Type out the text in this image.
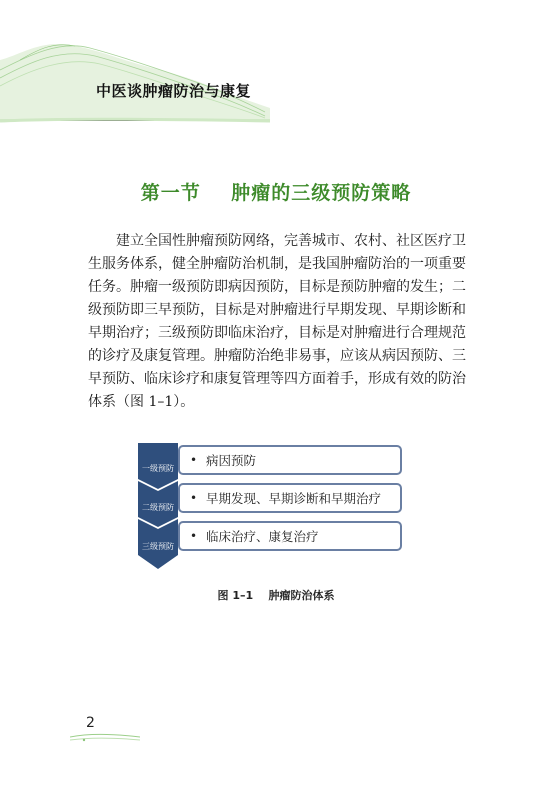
中医谈肿瘤防治与康复
第一节    肿瘤的三级预防策略

建立全国性肿瘤预防网络，完善城市、农村、社区医疗卫生服务体系，健全肿瘤防治机制，是我国肿瘤防治的一项重要任务。肿瘤一级预防即病因预防，目标是预防肿瘤的发生；二级预防即三早预防，目标是对肿瘤进行早期发现、早期诊断和早期治疗；三级预防即临床治疗，目标是对肿瘤进行合理规范的诊疗及康复管理。肿瘤防治绝非易事，应该从病因预防、三早预防、临床诊疗和康复管理等四方面着手，形成有效的防治体系（图 1–1）。

一级预防
二级预防
三级预防
• 病因预防
• 早期发现、早期诊断和早期治疗
• 临床治疗、康复治疗
图 1–1    肿瘤防治体系
2
